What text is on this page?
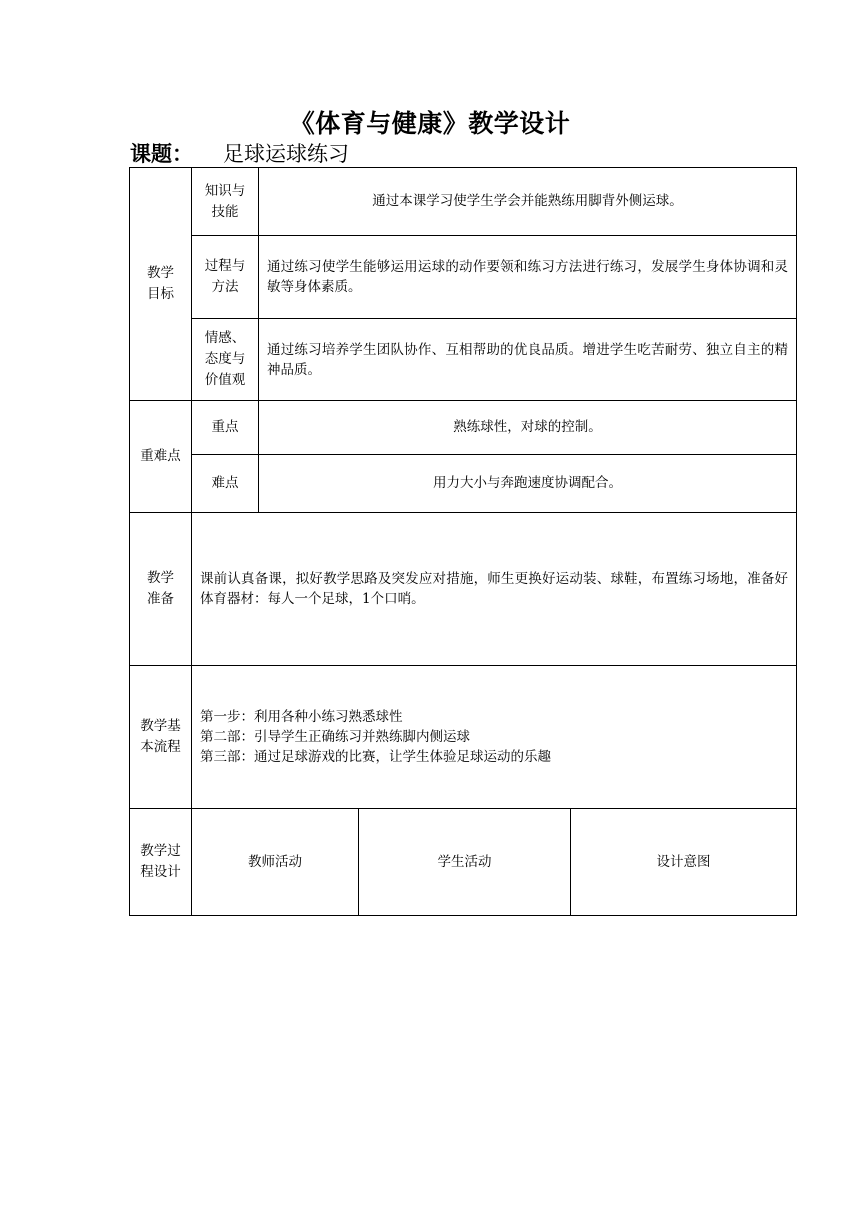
《体育与健康》教学设计
课题： 足球运球练习
教学目标	知识与技能	通过本课学习使学生学会并能熟练用脚背外侧运球。		

	过程与方法	通过练习使学生能够运用运球的动作要领和练习方法进行练习，发展学生身体协调和灵敏等身体素质。		

	情感、态度与价值观	通过练习培养学生团队协作、互相帮助的优良品质。增进学生吃苦耐劳、独立自主的精神品质。		
重难点	重点	熟练球性，对球的控制。		
	难点	用力大小与奔跑速度协调配合。		

教学准备	课前认真备课，拟好教学思路及突发应对措施，师生更换好运动装、球鞋，布置练习场地，准备好体育器材：每人一个足球，1个口哨。			

教学基本流程	第一步：利用各种小练习熟悉球性
第二部：引导学生正确练习并熟练脚内侧运球
第三部：通过足球游戏的比赛，让学生体验足球运动的乐趣			

教学过程设计	教师活动		学生活动	设计意图
